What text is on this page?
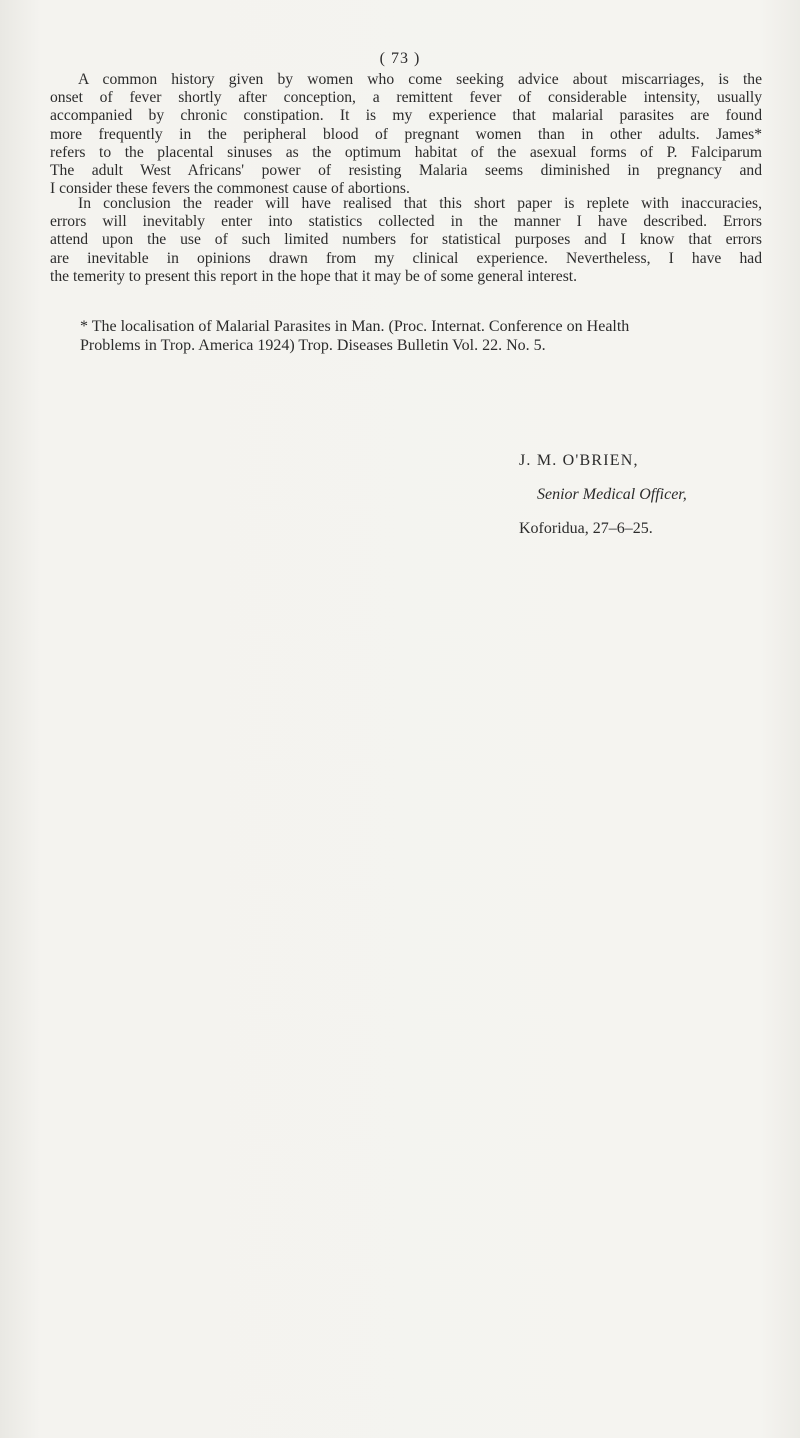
( 73 )
A common history given by women who come seeking advice about miscarriages, is the
onset of fever shortly after conception, a remittent fever of considerable intensity, usually
accompanied by chronic constipation. It is my experience that malarial parasites are found
more frequently in the peripheral blood of pregnant women than in other adults. James*
refers to the placental sinuses as the optimum habitat of the asexual forms of P. Falciparum
The adult West Africans' power of resisting Malaria seems diminished in pregnancy and
I consider these fevers the commonest cause of abortions.
In conclusion the reader will have realised that this short paper is replete with inaccuracies,
errors will inevitably enter into statistics collected in the manner I have described. Errors
attend upon the use of such limited numbers for statistical purposes and I know that errors
are inevitable in opinions drawn from my clinical experience. Nevertheless, I have had
the temerity to present this report in the hope that it may be of some general interest.
* The localisation of Malarial Parasites in Man. (Proc. Internat. Conference on Health
Problems in Trop. America 1924) Trop. Diseases Bulletin Vol. 22. No. 5.
J. M. O'BRIEN,
Senior Medical Officer,
Koforidua, 27–6–25.
